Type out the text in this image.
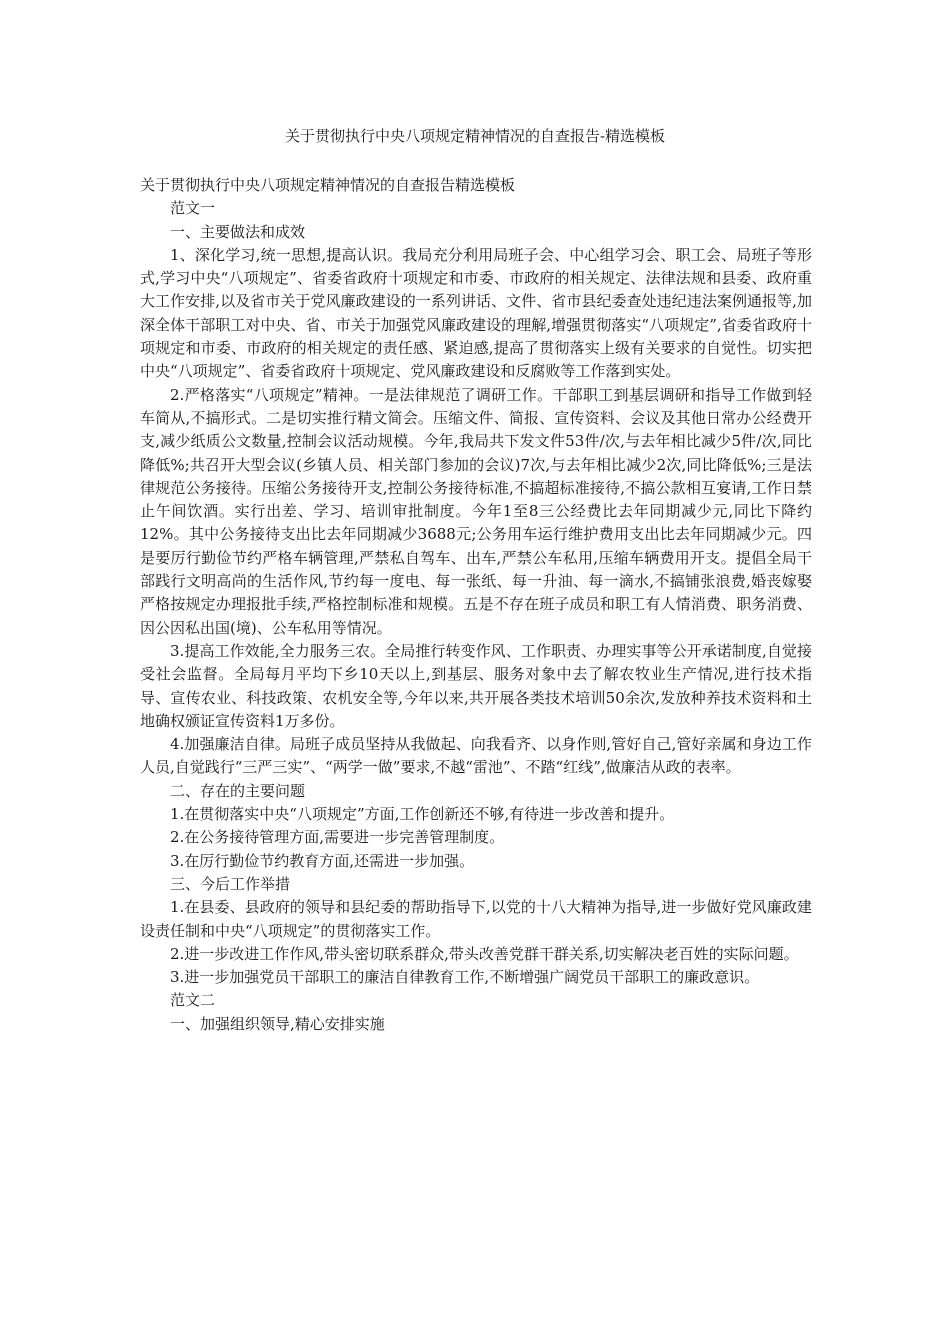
关于贯彻执行中央八项规定精神情况的自查报告-精选模板

关于贯彻执行中央八项规定精神情况的自查报告精选模板

范文一

一、主要做法和成效

1、深化学习,统一思想,提高认识。我局充分利用局班子会、中心组学习会、职工会、局班子等形式,学习中央“八项规定”、省委省政府十项规定和市委、市政府的相关规定、法律法规和县委、政府重大工作安排,以及省市关于党风廉政建设的一系列讲话、文件、省市县纪委查处违纪违法案例通报等,加深全体干部职工对中央、省、市关于加强党风廉政建设的理解,增强贯彻落实“八项规定”,省委省政府十项规定和市委、市政府的相关规定的责任感、紧迫感,提高了贯彻落实上级有关要求的自觉性。切实把中央“八项规定”、省委省政府十项规定、党风廉政建设和反腐败等工作落到实处。

2.严格落实“八项规定”精神。一是法律规范了调研工作。干部职工到基层调研和指导工作做到轻车简从,不搞形式。二是切实推行精文简会。压缩文件、简报、宣传资料、会议及其他日常办公经费开支,减少纸质公文数量,控制会议活动规模。今年,我局共下发文件53件/次,与去年相比减少5件/次,同比降低%;共召开大型会议(乡镇人员、相关部门参加的会议)7次,与去年相比减少2次,同比降低%;三是法律规范公务接待。压缩公务接待开支,控制公务接待标准,不搞超标准接待,不搞公款相互宴请,工作日禁止午间饮酒。实行出差、学习、培训审批制度。今年1至8三公经费比去年同期减少元,同比下降约12%。其中公务接待支出比去年同期减少3688元;公务用车运行维护费用支出比去年同期减少元。四是要厉行勤俭节约严格车辆管理,严禁私自驾车、出车,严禁公车私用,压缩车辆费用开支。提倡全局干部践行文明高尚的生活作风,节约每一度电、每一张纸、每一升油、每一滴水,不搞铺张浪费,婚丧嫁娶严格按规定办理报批手续,严格控制标准和规模。五是不存在班子成员和职工有人情消费、职务消费、因公因私出国(境)、公车私用等情况。

3.提高工作效能,全力服务三农。全局推行转变作风、工作职责、办理实事等公开承诺制度,自觉接受社会监督。全局每月平均下乡10天以上,到基层、服务对象中去了解农牧业生产情况,进行技术指导、宣传农业、科技政策、农机安全等,今年以来,共开展各类技术培训50余次,发放种养技术资料和土地确权颁证宣传资料1万多份。

4.加强廉洁自律。局班子成员坚持从我做起、向我看齐、以身作则,管好自己,管好亲属和身边工作人员,自觉践行“三严三实”、“两学一做”要求,不越“雷池”、不踏“红线”,做廉洁从政的表率。

二、存在的主要问题

1.在贯彻落实中央“八项规定”方面,工作创新还不够,有待进一步改善和提升。

2.在公务接待管理方面,需要进一步完善管理制度。

3.在厉行勤俭节约教育方面,还需进一步加强。

三、今后工作举措

1.在县委、县政府的领导和县纪委的帮助指导下,以党的十八大精神为指导,进一步做好党风廉政建设责任制和中央“八项规定”的贯彻落实工作。

2.进一步改进工作作风,带头密切联系群众,带头改善党群干群关系,切实解决老百姓的实际问题。

3.进一步加强党员干部职工的廉洁自律教育工作,不断增强广阔党员干部职工的廉政意识。

范文二

一、加强组织领导,精心安排实施
